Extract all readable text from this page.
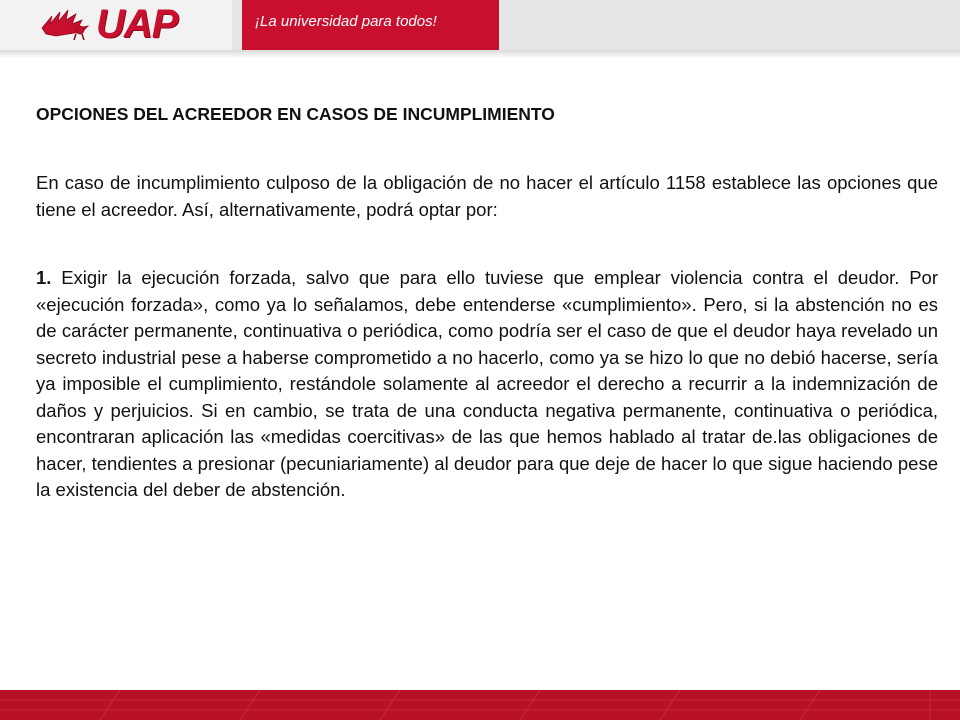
UAP	¡La universidad para todos!
OPCIONES DEL ACREEDOR EN CASOS DE INCUMPLIMIENTO

En caso de incumplimiento culposo de la obligación de no hacer el artículo 1158 establece las opciones que tiene el acreedor. Así, alternativamente, podrá optar por:

1. Exigir la ejecución forzada, salvo que para ello tuviese que emplear violencia contra el deudor. Por «ejecución forzada», como ya lo señalamos, debe entenderse «cumplimiento». Pero, si la abstención no es de carácter permanente, continuativa o periódica, como podría ser el caso de que el deudor haya revelado un secreto industrial pese a haberse comprometido a no hacerlo, como ya se hizo lo que no debió hacerse, sería ya imposible el cumplimiento, restándole solamente al acreedor el derecho a recurrir a la indemnización de daños y perjuicios. Si en cambio, se trata de una conducta negativa permanente, continuativa o periódica, encontraran aplicación las «medidas coercitivas» de las que hemos hablado al tratar de.las obligaciones de hacer, tendientes a presionar (pecuniariamente) al deudor para que deje de hacer lo que sigue haciendo pese la existencia del deber de abstención.
